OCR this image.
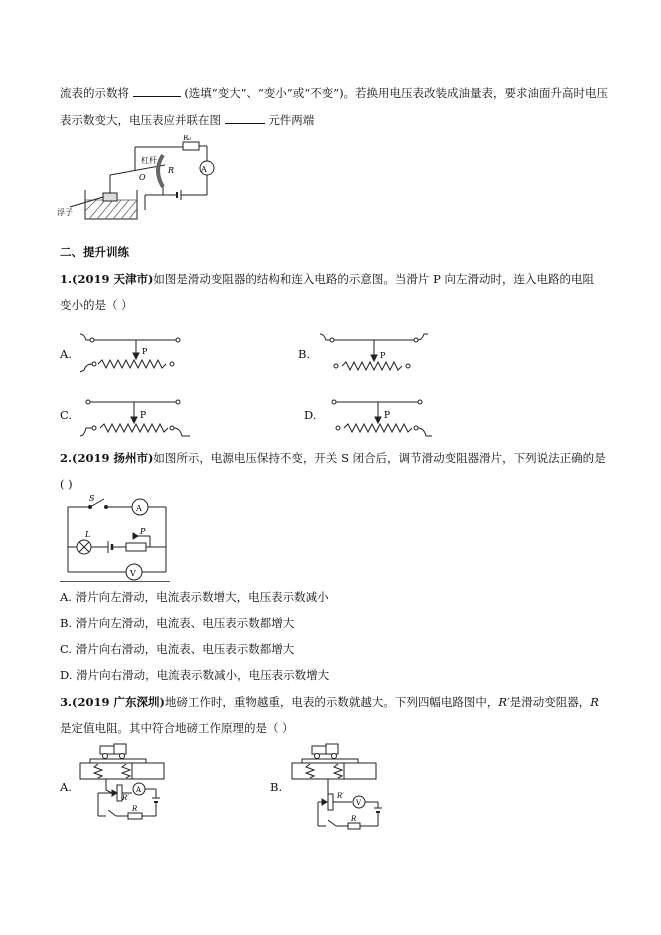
流表的示数将	(选填“变大”、“变小”或“不变”)。若换用电压表改装成油量表，要求油面升高时电压
表示数变大，电压表应并联在图	元件两端
A
R₀
R
杠杆
O
浮子
二、提升训练
1.(2019 天津市)如图是滑动变阻器的结构和连入电路的示意图。当滑片 P 向左滑动时，连入电路的电阻
变小的是（ ）
A.	B.
C.	D.
P	P
P	P
2.(2019 扬州市)如图所示，电源电压保持不变，开关 S 闭合后，调节滑动变阻器滑片，下列说法正确的是
( )
S
A
L	P
V
A. 滑片向左滑动，电流表示数增大，电压表示数减小
B. 滑片向左滑动，电流表、电压表示数都增大
C. 滑片向右滑动，电流表、电压表示数都增大
D. 滑片向右滑动，电流表示数减小，电压表示数增大
3.(2019 广东深圳)地磅工作时，重物越重，电表的示数就越大。下列四幅电路图中，R′是滑动变阻器，R
是定值电阻。其中符合地磅工作原理的是（ ）
A.	B.
A
R′
R
V
R′
R
